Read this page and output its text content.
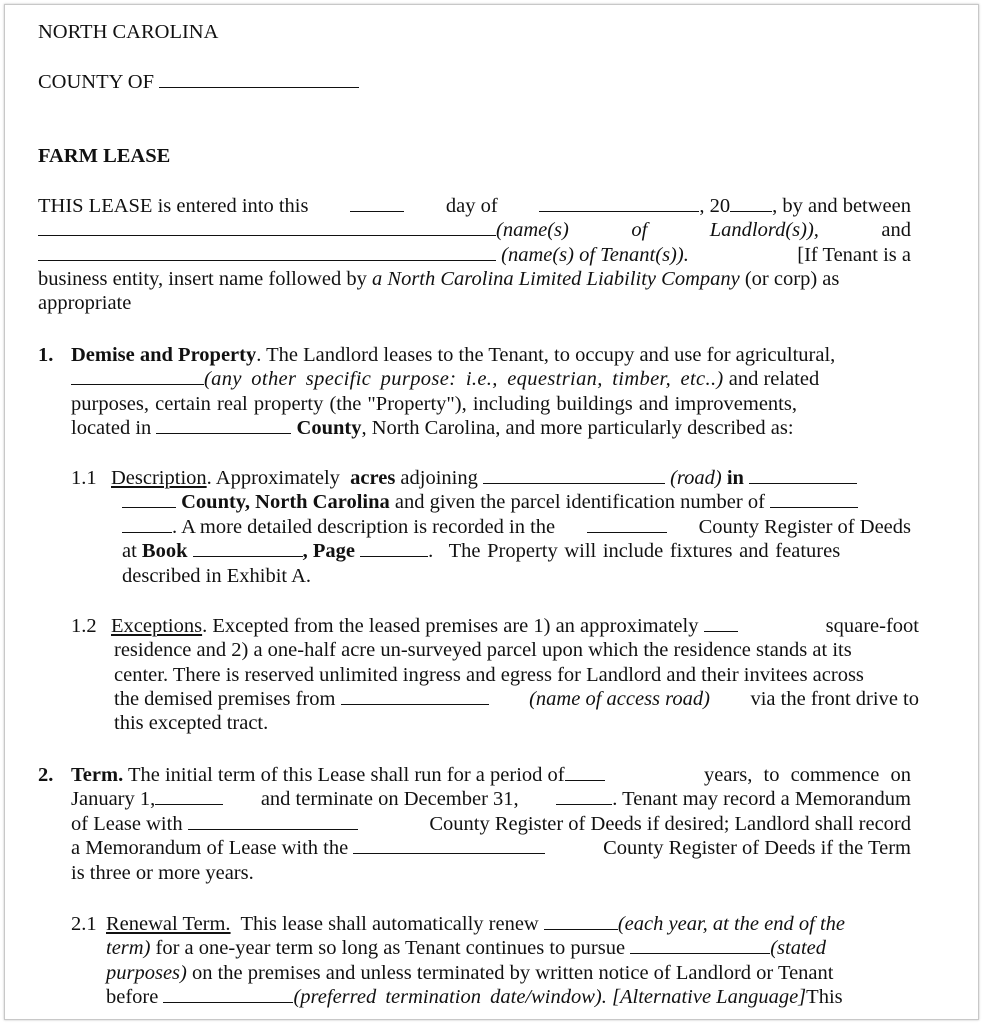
NORTH CAROLINA
COUNTY OF
FARM LEASE
THIS LEASE is entered into this	day of	, 20 , by and between
(name(s)	of	Landlord(s)),	and
(name(s) of Tenant(s)).	[If Tenant is a
business entity, insert name followed by a North Carolina Limited Liability Company (or corp) as
appropriate
1. Demise and Property. The Landlord leases to the Tenant, to occupy and use for agricultural,
(any other specific purpose: i.e., equestrian, timber, etc..) and related
purposes, certain real property (the "Property"), including buildings and improvements,
located in	County, North Carolina, and more particularly described as:
1.1 Description. Approximately acres adjoining	(road) in
County, North Carolina and given the parcel identification number of
. A more detailed description is recorded in the	County Register of Deeds
at Book	, Page	. The Property will include fixtures and features
described in Exhibit A.
1.2 Exceptions. Excepted from the leased premises are 1) an approximately	square-foot
residence and 2) a one-half acre un-surveyed parcel upon which the residence stands at its
center. There is reserved unlimited ingress and egress for Landlord and their invitees across
the demised premises from	(name of access road) via the front drive to
this excepted tract.
2. Term. The initial term of this Lease shall run for a period of	years, to commence on
January 1,	and terminate on December 31,	. Tenant may record a Memorandum
of Lease with	County Register of Deeds if desired; Landlord shall record
a Memorandum of Lease with the	County Register of Deeds if the Term
is three or more years.
2.1 Renewal Term. This lease shall automatically renew	(each year, at the end of the
term) for a one-year term so long as Tenant continues to pursue	(stated
purposes) on the premises and unless terminated by written notice of Landlord or Tenant
before	(preferred termination date/window). [Alternative Language]This
